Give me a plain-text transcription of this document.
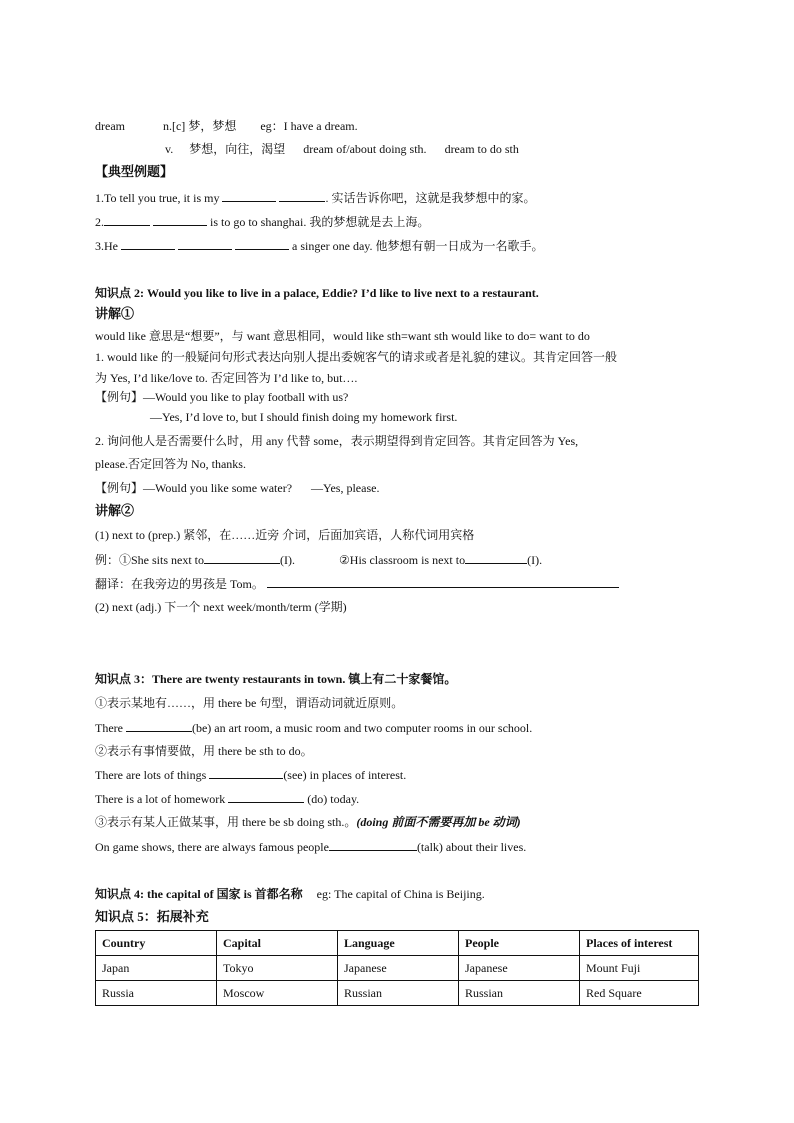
dream	n.[c] 梦，梦想 eg：I have a dream.
v. 梦想，向往，渴望 dream of/about doing sth. dream to do sth
【典型例题】
1.To tell you true, it is my	. 实话告诉你吧，这就是我梦想中的家。
2.	is to go to shanghai. 我的梦想就是去上海。
3.He	a singer one day. 他梦想有朝一日成为一名歌手。
知识点 2: Would you like to live in a palace, Eddie? I’d like to live next to a restaurant.
讲解①
would like 意思是“想要”，与 want 意思相同，would like sth=want sth would like to do= want to do
1. would like 的一般疑问句形式表达向别人提出委婉客气的请求或者是礼貌的建议。其肯定回答一般
为 Yes, I’d like/love to. 否定回答为 I’d like to, but….
【例句】—Would you like to play football with us?
—Yes, I’d love to, but I should finish doing my homework first.
2. 询问他人是否需要什么时，用 any 代替 some，表示期望得到肯定回答。其肯定回答为 Yes,
please.否定回答为 No, thanks.
【例句】—Would you like some water? —Yes, please.
讲解②
(1) next to (prep.) 紧邻，在……近旁 介词，后面加宾语，人称代词用宾格
例：①She sits next to	(I).	②His classroom is next to	(I).
翻译：在我旁边的男孩是 Tom。
(2) next (adj.) 下一个 next week/month/term (学期)
知识点 3：There are twenty restaurants in town. 镇上有二十家餐馆。
①表示某地有……，用 there be 句型，谓语动词就近原则。
There	(be) an art room, a music room and two computer rooms in our school.
②表示有事情要做，用 there be sth to do。
There are lots of things	(see) in places of interest.
There is a lot of homework	(do) today.
③表示有某人正做某事，用 there be sb doing sth.。(doing 前面不需要再加 be 动词)
On game shows, there are always famous people	(talk) about their lives.
知识点 4: the capital of 国家 is 首都名称 eg: The capital of China is Beijing.
知识点 5：拓展补充
Country	Capital	Language	People	Places of interest
Japan	Tokyo	Japanese	Japanese	Mount Fuji
Russia	Moscow	Russian	Russian	Red Square
